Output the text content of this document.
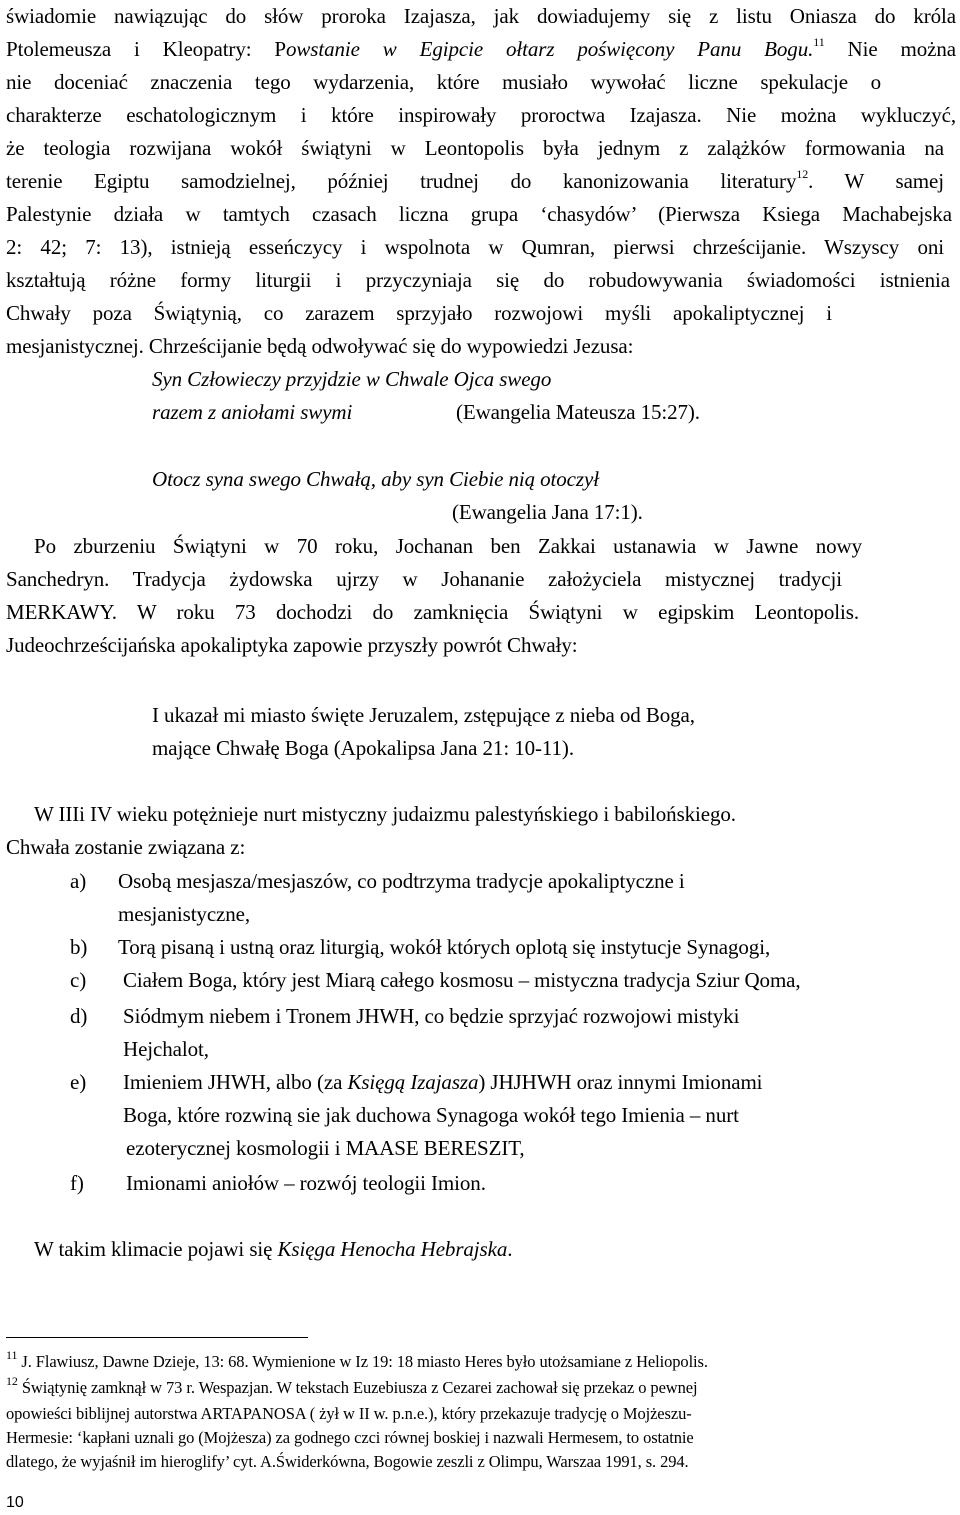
świadomie nawiązując do słów proroka Izajasza, jak dowiadujemy się z listu Oniasza do króla
Ptolemeusza i Kleopatry: Powstanie w Egipcie ołtarz poświęcony Panu Bogu.$^{11}$ Nie można
nie doceniać znaczenia tego wydarzenia, które musiało wywołać liczne spekulacje o
charakterze eschatologicznym i które inspirowały proroctwa Izajasza. Nie można wykluczyć,
że teologia rozwijana wokół świątyni w Leontopolis była jednym z zalążków formowania na
terenie Egiptu samodzielnej, później trudnej do kanonizowania literatury$^{12}$. W samej
Palestynie działa w tamtych czasach liczna grupa ‘chasydów’ (Pierwsza Ksiega Machabejska
2: 42; 7: 13), istnieją esseńczycy i wspolnota w Qumran, pierwsi chrześcijanie. Wszyscy oni
kształtują różne formy liturgii i przyczyniaja się do robudowywania świadomości istnienia
Chwały poza Świątynią, co zarazem sprzyjało rozwojowi myśli apokaliptycznej i
mesjanistycznej. Chrześcijanie będą odwoływać się do wypowiedzi Jezusa:
Syn Człowieczy przyjdzie w Chwale Ojca swego
razem z aniołami swymi	(Ewangelia Mateusza 15:27).
Otocz syna swego Chwałą, aby syn Ciebie nią otoczył
(Ewangelia Jana 17:1).
Po zburzeniu Świątyni w 70 roku, Jochanan ben Zakkai ustanawia w Jawne nowy
Sanchedryn. Tradycja żydowska ujrzy w Johananie założyciela mistycznej tradycji
MERKAWY. W roku 73 dochodzi do zamknięcia Świątyni w egipskim Leontopolis.
Judeochrześcijańska apokaliptyka zapowie przyszły powrót Chwały:
I ukazał mi miasto święte Jeruzalem, zstępujące z nieba od Boga,
mające Chwałę Boga (Apokalipsa Jana 21: 10-11).
W IIIi IV wieku potężnieje nurt mistyczny judaizmu palestyńskiego i babilońskiego.
Chwała zostanie związana z:
a) Osobą mesjasza/mesjaszów, co podtrzyma tradycje apokaliptyczne i
mesjanistyczne,
b) Torą pisaną i ustną oraz liturgią, wokół których oplotą się instytucje Synagogi,
c) Ciałem Boga, który jest Miarą całego kosmosu – mistyczna tradycja Sziur Qoma,
d) Siódmym niebem i Tronem JHWH, co będzie sprzyjać rozwojowi mistyki
Hejchalot,
e) Imieniem JHWH, albo (za Księgą Izajasza) JHJHWH oraz innymi Imionami
Boga, które rozwiną sie jak duchowa Synagoga wokół tego Imienia – nurt
ezoterycznej kosmologii i MAASE BERESZIT,
f) Imionami aniołów – rozwój teologii Imion.
W takim klimacie pojawi się Księga Henocha Hebrajska.
$^{11}$ J. Flawiusz, Dawne Dzieje, 13: 68. Wymienione w Iz 19: 18 miasto Heres było utożsamiane z Heliopolis.
$^{12}$ Świątynię zamknął w 73 r. Wespazjan. W tekstach Euzebiusza z Cezarei zachował się przekaz o pewnej
opowieści biblijnej autorstwa ARTAPANOSA ( żył w II w. p.n.e.), który przekazuje tradycję o Mojżeszu-
Hermesie: ‘kapłani uznali go (Mojżesza) za godnego czci równej boskiej i nazwali Hermesem, to ostatnie
dlatego, że wyjaśnił im hieroglify’ cyt. A.Świderkówna, Bogowie zeszli z Olimpu, Warszaa 1991, s. 294.
10
